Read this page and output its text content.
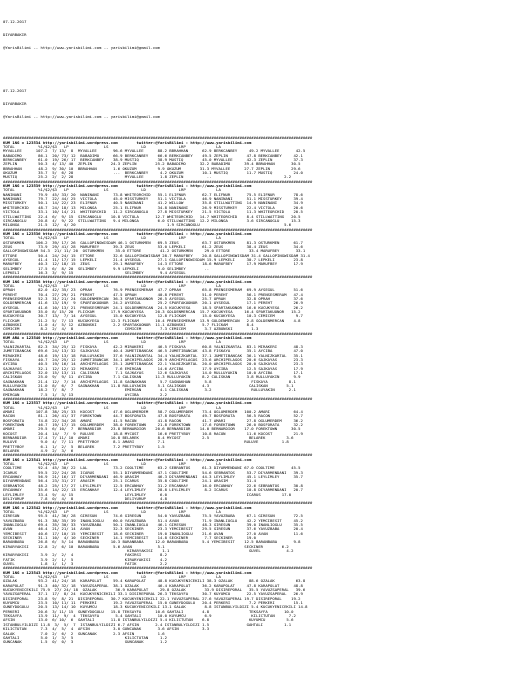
07.12.2017

DIYARBAKIR

@YarisBilimi -- http://www.yarisbilimi.com -- yarisbilimi@gmail.com

07.12.2017

DIYARBAKIR

@YarisBilimi -- http://www.yarisbilimi.com -- yarisbilimi@gmail.com

####################################################################################################################################
KUM 1NG = 123534 http://yarisbilimi.wordpress.com        twitter:@YarisBilimi : http://www.yarisbilimi.com
TOTAL          %1/$2/$3   LP               LS              LD              LRP             LA
MYVALLEE      107.2  7/ 13/  8  MYVALLEE       96.6 MYVALLEE      88.2 BBRAHHAN      62.9 BERKCANBEY     49.2 MYVALLEE       42.5
BABADIMO       86.1  20/ 73/ 12  BABADIMO      66.9 BERKCANBEY    66.6 BERKCANBEY    49.5 ZEPLIN        47.8 BERKCANBEY     42.1
BERKCANBEY     61.0  19/ 26/ 17  BERKCANBEY    38.9 MUSTIQ        38.9 MUSTIQ        45.0 MYVALLEE      42.3 ZEPLIN         37.3
ZEPLIN         50.3  4/ 13/ 40  ZEPLIN        24.3 ZEPLIN        25.2 BABADIMO      32.2 BABADIMO      39.4 BBRAHHAN       30.5
BBRAHHAN       48.2  9/ 30/ 10  BBRAHHAN       1.6 OKUZUM         9.9 OKUZUM        31.3 MYVALLEE      27.7 ZEPLIN         29.6
OKUZUM         35.7  5/  6/ 28                 ...  BERKCANBEY     4.2 OKUZUM        10.1 MUSTIQ        11.7 MUSTIQ         24.0
MUSTIQ         25.2  2/  2/ 28                      MYVALLEE       1.8 ZEPLIN          ..                               2.2
####################################################################################################################################
KUM 1NG = 123539 http://yarisbilimi.wordpress.com        twitter:@YarisBilimi : http://www.yarisbilimi.com
TOTAL          %1/$2/$3   LP               LS              LD              LRP             LA
NANINANI       79.9  45/ 33/ 20  NANINANI      73.8 WHITEORCHID   55.1 ELIFNUR       62.7 ELIFNUR       75.5 ELIFNUR        78.6
NANINANI       79.7  22/ 44/ 25  VICTOLA       45.0 MISSTURKEY    51.1 VICTOLA       46.9 NANINANI      51.1 MISSTURKEY     39.4
MISSTURKEY     50.1  14/ 22/ 23  ELIFNUR       40.5 NANINANI      41.2 WILLOW        35.8 STILLWATTING  14.9 NANINANI       34.9
WHITEORCHID    48.7  24/ 18/ 13  MILONGA       25.1 ELIFNUR       34.8 NANINANI      26.9 MISSTURKEY    22.4 VICTOLA        20.6
VICTOLA        33.1  10/ 14/ 21  WHITEORCHID   11.2 SIRCANOGLU    27.8 MISSTURKEY    21.5 VICTOLA       11.3 WHITEORCHID    20.5
STILLWATTING   22.4  6/  9/ 15  SIRCANOGLU    10.8 VICTOLA       12.7 WHITEORCHID   14.7 WHITEORCHID    8.4 STILLWATTING   20.5
SIRCANOGLU     20.8  4/  9/ 22  STILLWATTING   9.4 MILONGA        6.0 STILLWATTING  12.2 MILONGA        3.6 SIRCANOGLU     15.3
MILONGA        21.5  12/  4/ 20                                       1.9 SIRCANOGLU                                    5.6
####################################################################################################################################
KUM 1NG = 123536 http://yarisbilimi.wordpress.com        twitter:@YarisBilimi : http://www.yarisbilimi.com
TOTAL          %1/$2/$3   LP               LS              LD              LRP             LA
OSTURKMEN     106.2  39/ 17/ 26  GALLOPINGWISDAM 46.1 OSTURKMEN   69.5 ZEUS          63.7 OSTURKMEN     81.3 OSTURKMEN      61.7
ZEUS           73.9  29/ 41/ 28  MARUFBEY      39.3 ZEUS          53.0 LEPKELI       61.2 ZEUS          38.4 ZEUS           34.6
GALLOPINGWISDAM 54.3  21/ 11/ 20  OSTURKMEN     35.0 ETTORE        41.2 OSTURKMEN     29.0 ETTORE        33.4 MARUFBEY       33.1
ETTORE         50.4  24/ 24/ 15  ETTORE        32.6 GALLOPINGWISDAM 28.7 MARUFBEY    20.8 GALLOPINGWISDAM 31.4 GALLOPINGWISDAM 31.4
AYSEGUL        41.4  11/ 17/ 15  LEPKELI       21.4 AYSEGUL       27.1 GALLOPINGWISDAM 15.9 LEPKELI     30.7 LEPKELI        23.8
MARUFBEY       40.3  12/ 18/ 15  ZEUS          29.1 MARUFBEY      14.3 ETTORE        18.6 MARUFBEY      17.9 MARUFBEY       17.9
SELIMBEY       17.5  6/  8/ 20  SELIMBEY       9.9 LEPKELI        9.0 SELIMBEY        ..
LEPKELI        16.3  3/  9/ 15                      SELIMBEY       9.4 AYSEGUL
####################################################################################################################################
KUM 1NG = 123538 http://yarisbilimi.wordpress.com        twitter:@YarisBilimi : http://www.yarisbilimi.com
TOTAL          %1/$2/$3   LP               LS              LD              LRP             LA
OPRAH          82.0  42/ 35/ 23  OPRAH         76.9 PRENSESMERAM  47.7 OPRAH         65.8 PRENSESMERAM  69.9 AYSEGUL        51.6
PEREHT         70.4  27/ 29/ 21  PEREHT        47.5 OPRAH         40.8 PEREHT        51.0 PEREHT        56.1 PRENSESMERAM   47.4
PRENSESMERAM   52.3  31/ 21/ 24  GOLDENMERCAN  36.3 SPARTAKUONOR  26.5 AYSEGUL       25.7 OPRAH         32.8 OPRAH          37.6
GOLDENMERCAN   41.6  13/ 19/  9  SPARTAKUONOR  24.2 AYSEGUL       25.2 SPARTAKUONOR  20.1 AYSEGUL       17.1 PEREHT         26.9
AYSEGUL        41.6  10/ 13/ 21  PRENSESMERAM  24.1 GOLDENMERCAN  24.5 KUCUKYESA     18.5 SPARTAKUONOR  16.6 KUCUKYESA      26.2
SPARTAKUONOR   35.0  8/ 15/ 20  FLICKAM       17.9 KUCUKYESA     20.3 GOLDENMERCAN  15.7 KUCUKYESA     16.4 SPARTAKUONOR   15.2
KUCUKYESA      30.7  13/  7/ 14  AYSEGUL       15.0 KUCUKYESA     12.8 FLICKAM       15.0 KUCUKYESA     10.3 CEMICEM         9.7
FLICKAM        21.2  5/  7/ 13  KUCUKYESA     12.3 FLICKAM       10.4 PRENSESMERAM  13.9 GOLDENMERCAN   2.8 GOLDENMERCAN    4.8
AZBONSKI       11.0  4/  5/ 12  AZBONSKI       2.2 SPARTAKUONOR  11.1 AZBONSKI       5.7 FLICKAM        8.4
CEMICEM         8.2  2/  4/  8                      CEMICEM        7.3 CEMICEM        3.7 AZBONSKI        1.3
####################################################################################################################################
KUM ARA = 123540 http://yarisbilimi.wordpress.com        twitter:@YarisBilimi : http://www.yarisbilimi.com
TOTAL          %1/$2/$3   LP               LS              LD              LRP             LA
YALNIZKARTAL   82.3  34/ 25/ 12  FISKAYA       42.2 MIRAKERI      46.5 FISKAYA       60.8 YALNIZKARTAL  83.1 MIRAKERI       48.3
JUMETIBANCAK   69.6  24/ 13/ 32  SAJKAYAS      40.4 JUMETIBANCAK  46.5 JUMETIBANCAK  43.8 FISKAYA       35.1 AYCIBA         47.0
MIRAKERI       48.6  19/ 13/ 18  RULLUYAKIN    37.6 YALNIZKARTAL  34.4 YALNIZKARTAL  37.1 JUMETIBANCAK  36.1 YALNIZKARTAL   35.1
FISKAYA        40.7  24/ 25/ 12  JUMETIBANCAK  34.1 ARCHIPELAGOS  28.9 ARCHIPELAGOS  23.6 ARCHIPELAGOS  20.6 SAJKAYAS       23.3
AYCIBA         40.5  19/ 16/ 14  ARCHIPELAGOS  25.1 JUMETIBANCAK  22.1 YALNIZKARTAL  20.0 ARCHIPELAGOS  20.0 SAJKAYAS       23.3
SAJKAYAS       32.1  12/ 12/ 12  MIRAKERI       7.6 EMIRGAN       14.6 AYCIBA        17.9 AYCIBA        12.5 SAJKAYAS       17.9
ARCHIPELAGOS   32.0  15/ 13/ 11  CALISKAN       7.1 SAJKAYAS      12.6 SAJKAYAS      14.0 RULLUYAKIN    10.0 AYCIBA         17.1
CALISKAN       25.0  9/  9/ 11  AYCIBA         7.1 CALISKAN      11.3 RULLUYAKIN     8.2 CALISKAN       3.8 RULLUYAKIN      9.9
SAGNAKHAN      21.4  12/  7/ 14  ARCHIPELAGOS  11.8 SAGNAKHAN      5.7 SAGNAKHAN      5.8                 FISKAYA         8.1
RULLUYAKIN     21.0  8/  6/  7  SAGNAKHAN     11.8 RULLUYAKIN     5.1 CALISKAN       4.3                 CALISKAN        5.1
SAGNAKHAN      18.2  7/  8/  7                      EMIRGAN        4.1 CALISKAN       3.2                 RULLUYAKIN      2.1
EMIRGAN         7.5  1/  3/ 13                      AYCIBA         2.2
####################################################################################################################################
KUM 1NG = 123537 http://yarisbilimi.wordpress.com        twitter:@YarisBilimi : http://www.yarisbilimi.com
TOTAL          %1/$2/$3   LP               LS              LD              LRP             LA
AMARI         107.8  38/ 25/ 33  KOCOST        47.6 OGLUMERDEM    58.7 OGLUMERDEM    73.4 OGLUMERDEM   100.2 AMARI          64.4
RACON          81.1  26/ 41/ 37  FOREKTOWN     44.7 BOSFORATA     47.8 BOSFORATA     49.7 BOSFORATA     56.5 RACON          52.7
BOSFORATA      74.8  22/ 34/ 28  AMARI         41.5 RACON         41.8 RACON         41.7 AMARI         27.8 OGLUMERDEM     36.2
FOREKTOWN      46.7  19/ 17/ 15  OGLUMERDEM    38.0 FOREKTOWN     21.8 FOREKTOWN     17.6 FOREKTOWN     26.0 BOSFORATA      32.2
AMARI          29.5  6/ 10/  7  BERNARDIOR    23.8 BERNARDIOR    20.6 BERNARDIOR    14.0 BERNARDIOR    17.0 FOREKTOWN      30.5
KOCOST         20.4  14/  7/  9  RULUVE        18.8 MYCOST        16.6 PRETTYBOY     10.8 RACON         11.6 KOCOST         21.9
BERNARDIOR     17.4  7/ 11/ 10  AMARI         10.8 BELAREK        8.4 MYCOST         2.5                 BELAREK         3.6
RULUVE          9.0  4/  7/ 11  PRETTYBOY      8.1 AMARI          7.1                                  RULUVE          1.8
PRETTYBOY       6.1  1/  2/  5  BELAREK        7.2 PRETTYBOY      1.5
BELAREK         4.9  2/  3/  6
####################################################################################################################################
KUM 1NG = 123541 http://yarisbilimi.wordpress.com        twitter:@YarisBilimi : http://www.yarisbilimi.com
TOTAL          %1/$2/$3   LP               LS              LD              LRP             LA
COOLTIME       92.4  45/ 30/ 22  LAL           73.2 COOLTIME      63.2 SEBRANTOS     61.3 DIYARMENDANI 67.0 COOLTIME       45.5
ICARUS         59.5  22/ 24/ 28  ICARUS        55.1 DIYARMENDANI  47.1 COOLTIME      54.6 SEBRANTOS     53.7 DIYARMENDANI   39.3
ERCANHAY       56.9  21/ 16/ 17  DIYARMENDANI  46.9 ARASIM        46.3 DIYARMENDANI  44.3 LEYLIMLEY     45.1 LEYLIMLEY      35.7
DIYARMENDANI   56.4  23/ 31/ 27  ARASIM        25.1 ICARUS        35.8 COOLTIME      24.1 ARASIM        31.4
SEBRANTOS      48.2  25/ 17/ 27  LEYLIMLEY     12.5 ERCANHAY      31.2 ERCANHAY      16.0 ERCANHAY      22.6 SEBRANTOS      30.8
ERCANHAY       35.6  14/ 22/ 13  ERCANHAY      12.4 LEYLIMLEY     28.8 LEYLIMLEY      8.2 ICARUS        10.8 DIYARMENDANI   20.7
LEYLIMLEY      33.4  9/  4/ 15                      LEYLIMLEY      6.0                                  ICARUS         17.0
DELIYURUP       7.8  0/  4/  8                      DELIYURUP      4.8
####################################################################################################################################
KUM 1NG = 123542 http://yarisbilimi.wordpress.com        twitter:@YarisBilimi : http://www.yarisbilimi.com
TOTAL          %1/$2/$3   LP               LS              LD              LRP             LA
GIRESUN        95.5  41/ 36/ 28  GIRESUN       74.6 GIRESUN       54.0 YAVUZBABA     75.5 YAVUZBABA     67.1 GIRESUN        72.5
YAVUZBABA      91.3  38/ 35/ 39  INANLIOGLU    60.0 YAVUZBABA     51.4 AVAN          71.9 INANLIOGLU    42.2 YEMCIBESIT     45.2
INANLIOGLU     69.4  35/ 30/ 33  YAVUZBABA     50.1 INANLIOGLU    46.1 GIRESUN       48.3 GIRESUN       39.0 INANLIOGLU     35.5
AVAN           46.4  21/ 21/ 14  AVAN          32.3 SECKINER      23.3 YEMCIBESIT    29.5 GIRESUN       37.6 YAVUZBABA      20.4
YEMCIBESIT     40.6  17/ 10/ 15  YEMCIBESIT    18.6 SECKINER      19.0 INANLIOGLU    21.6 AVAN          27.0 AVAN           11.6
SECKINER       31.1  10/  4/ 10  SECKINER      14.1 YEMCIBESIT    14.8 SECKINER       7.7 SECKINER      19.0
BARANBABA      26.8  6/  5/ 14  BARANBABA     10.3 BARANBABA     12.0 BARANBABA      5.4 YEMCIBESIT    12.5 BARANBABA       9.8
KIRARYAKISI    12.8  2/  6/ 10  BARANBABA      5.6 AVAN           5.1                                  SECKINER        6.2
KIRARYAKISI    1.1                                  GUVEL           4.2
KIRARYAKISI     3.9  2/  2/  4                      FAKIRSI        8.2
FATIK           3.9  2/  1/  5                      KIRARYAKISI    4.2
GUVEL           1.8  1/  1/  3                      FATIK          2.2
####################################################################################################################################
KUM 1NG = 123543 http://yarisbilimi.wordpress.com        twitter:@YarisBilimi : http://www.yarisbilimi.com
TOTAL          %1/$2/$3   LP               LS              LD              LRP             LA
OZALAK         93.2  41/ 24/ 18  KARAPOLAT     59.4 KARAPOLAT     48.8 KUCUKYENICEKILI 38.3 OZALAK       88.6 OZALAK         63.8
KARAPOLAT      91.3  40/ 32/ 18  YAVUZSAPERAL  38.1 OZALAK        46.4 KARAPOLAT     36.2 KARAPOLAT     47.8 KARAPOLAT      48.8
KUCUKYENICEKILI 75.9  27/ 24/ 18  OZALAK        36.9 KARAPOLAT     29.8 OZALAK        33.9 DISIREPORAL   35.5 YAVUZSAPERAL   39.6
YAVUZSAPERAL   37.1  17/  8/ 24  KUCUKYENICEKILI 33.1 DISIREPORAL 26.3 TEKSAYFA      30.7 KUYUMCU       22.5 YAVUZSAPERAL   26.9
DISIREPORAL    23.8  9/  8/ 21  DISIREPORAL   30.7 KUCUKYENICEKILI 22.1 YAVUZSAPERAL 27.6 YAVUZSAPERAL 19.7 DISIREPORAL    19.2
KUYUMCU        23.5  10/ 11/ 11  PERKERI       19.2 YAVUZSAPERAL  15.0 GUNEYDOGULU   20.4 PERKERI        7.2 PERKERI        15.1
GUNEYDOGULU    20.5  13/ 14/ 10  KUYUMCU       18.3 KUCUKYENICEKILI 13.1 GALAK        8.8 ISTANBULYILDIZI 5.4 KUCUKYENICEKILI 14.8
PERKERI        20.6  3/ 11/ 15  GUNEYDOGULU   15.8 TEKSAYFA      10.6 GAHTALI        4.8                 TEKSAYFA       10.0
TEKSAYFA       13.9  11/  9/  4  TEKSAYFA       5.4 GAHTALI       10.0 KUYUMCU        6.9                 KILICTUTAN      7.2
AFSIN          13.0  6/ 10/  6  GAHTALI       11.8 ISTANBULYILDIZI 5.4 KILICTUTAN    6.8                 KUYUMCU         5.6
ISTANBULYILDIZI 11.8  3/  5/  7  ISTANBULYILDIZI 6.7 AFSIN       2.4 ISTANBULYILDIZI 1.5                GAHTALI         1.1
KILICTUTAN      7.3  4/  5/  4  AFSIN          3.0 GUNCANAK       3.6 AFSIN          3.3
GALAK           7.0  2/  6/  2  GUNCANAK       2.3 AFSIN          1.6
GAHTALI         5.0  1/  3/  5                      KILICTUTAN     1.2
GUNCANAK        1.5  0/  0/  3                      GUNCANAK       1.2
